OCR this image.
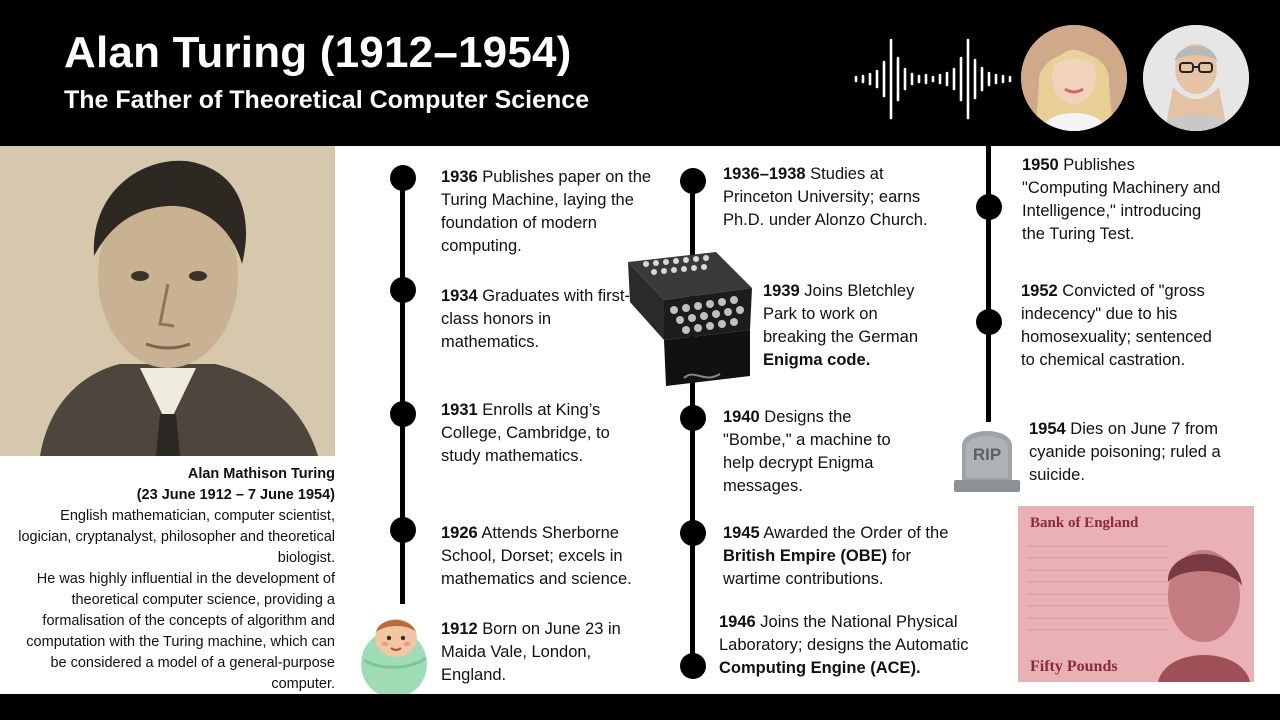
Alan Turing (1912–1954)
The Father of Theoretical Computer Science
Alan Mathison Turing
(23 June 1912 – 7 June 1954)
English mathematician, computer scientist, logician, cryptanalyst, philosopher and theoretical biologist.
He was highly influential in the development of theoretical computer science, providing a formalisation of the concepts of algorithm and computation with the Turing machine, which can be considered a model of a general-purpose computer.
1936 Publishes paper on the Turing Machine, laying the foundation of modern computing.
1934 Graduates with first-class honors in mathematics.
1931 Enrolls at King’s College, Cambridge, to study mathematics.
1926 Attends Sherborne School, Dorset; excels in mathematics and science.
1912 Born on June 23 in Maida Vale, London, England.
1936–1938 Studies at Princeton University; earns Ph.D. under Alonzo Church.
1939 Joins Bletchley Park to work on breaking the German Enigma code.
1940 Designs the "Bombe," a machine to help decrypt Enigma messages.
1945 Awarded the Order of the British Empire (OBE) for wartime contributions.
1946 Joins the National Physical Laboratory; designs the Automatic Computing Engine (ACE).
1950 Publishes "Computing Machinery and Intelligence," introducing the Turing Test.
1952 Convicted of "gross indecency" due to his homosexuality; sentenced to chemical castration.
1954 Dies on June 7 from cyanide poisoning; ruled a suicide.
RIP
Bank of England
Fifty Pounds
